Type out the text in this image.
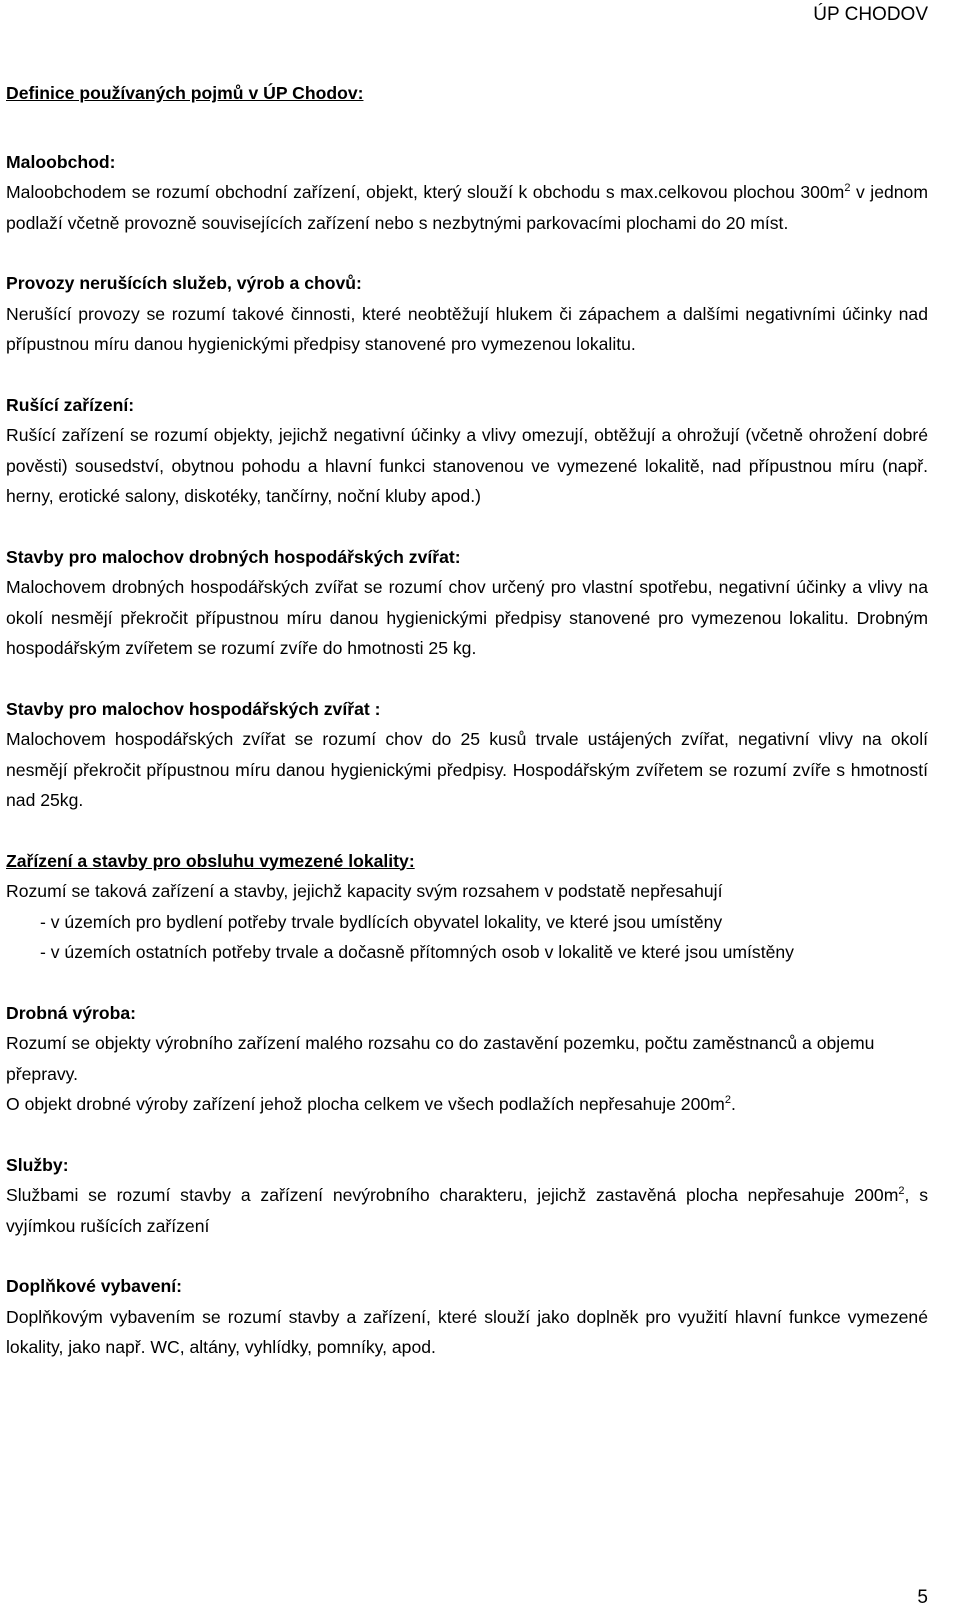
ÚP CHODOV
Definice používaných pojmů v ÚP Chodov:
Maloobchod:

Maloobchodem se rozumí obchodní zařízení, objekt, který slouží k obchodu s max.celkovou plochou $300m^2$ v jednom podlaží včetně provozně souvisejících zařízení nebo s nezbytnými parkovacími plochami do 20 míst.

Provozy nerušících služeb, výrob a chovů:

Nerušící provozy se rozumí takové činnosti, které neobtěžují hlukem či zápachem a dalšími negativními účinky nad přípustnou míru danou hygienickými předpisy stanovené pro vymezenou lokalitu.

Rušící zařízení:

Rušící zařízení se rozumí objekty, jejichž negativní účinky a vlivy omezují, obtěžují a ohrožují (včetně ohrožení dobré pověsti) sousedství, obytnou pohodu a hlavní funkci stanovenou ve vymezené lokalitě, nad přípustnou míru (např. herny, erotické salony, diskotéky, tančírny, noční kluby apod.)

Stavby pro malochov drobných hospodářských zvířat:

Malochovem drobných hospodářských zvířat se rozumí chov určený pro vlastní spotřebu, negativní účinky a vlivy na okolí nesmějí překročit přípustnou míru danou hygienickými předpisy stanovené pro vymezenou lokalitu. Drobným hospodářským zvířetem se rozumí zvíře do hmotnosti 25 kg.

Stavby pro malochov hospodářských zvířat :

Malochovem hospodářských zvířat se rozumí chov do 25 kusů trvale ustájených zvířat, negativní vlivy na okolí nesmějí překročit přípustnou míru danou hygienickými předpisy. Hospodářským zvířetem se rozumí zvíře s hmotností nad 25kg.

Zařízení a stavby pro obsluhu vymezené lokality:

Rozumí se taková zařízení a stavby, jejichž kapacity svým rozsahem v podstatě nepřesahují

- v územích pro bydlení potřeby trvale bydlících obyvatel lokality, ve které jsou umístěny
- v územích ostatních potřeby trvale a dočasně přítomných osob v lokalitě ve které jsou umístěny
Drobná výroba:

Rozumí se objekty výrobního zařízení malého rozsahu co do zastavění pozemku, počtu zaměstnanců a objemu přepravy.

O objekt drobné výroby zařízení jehož plocha celkem ve všech podlažích nepřesahuje $200m^2$.

Služby:

Službami se rozumí stavby a zařízení nevýrobního charakteru, jejichž zastavěná plocha nepřesahuje $200m^2$, s vyjímkou rušících zařízení

Doplňkové vybavení:

Doplňkovým vybavením se rozumí stavby a zařízení, které slouží jako doplněk pro využití hlavní funkce vymezené lokality, jako např. WC, altány, vyhlídky, pomníky, apod.

5
